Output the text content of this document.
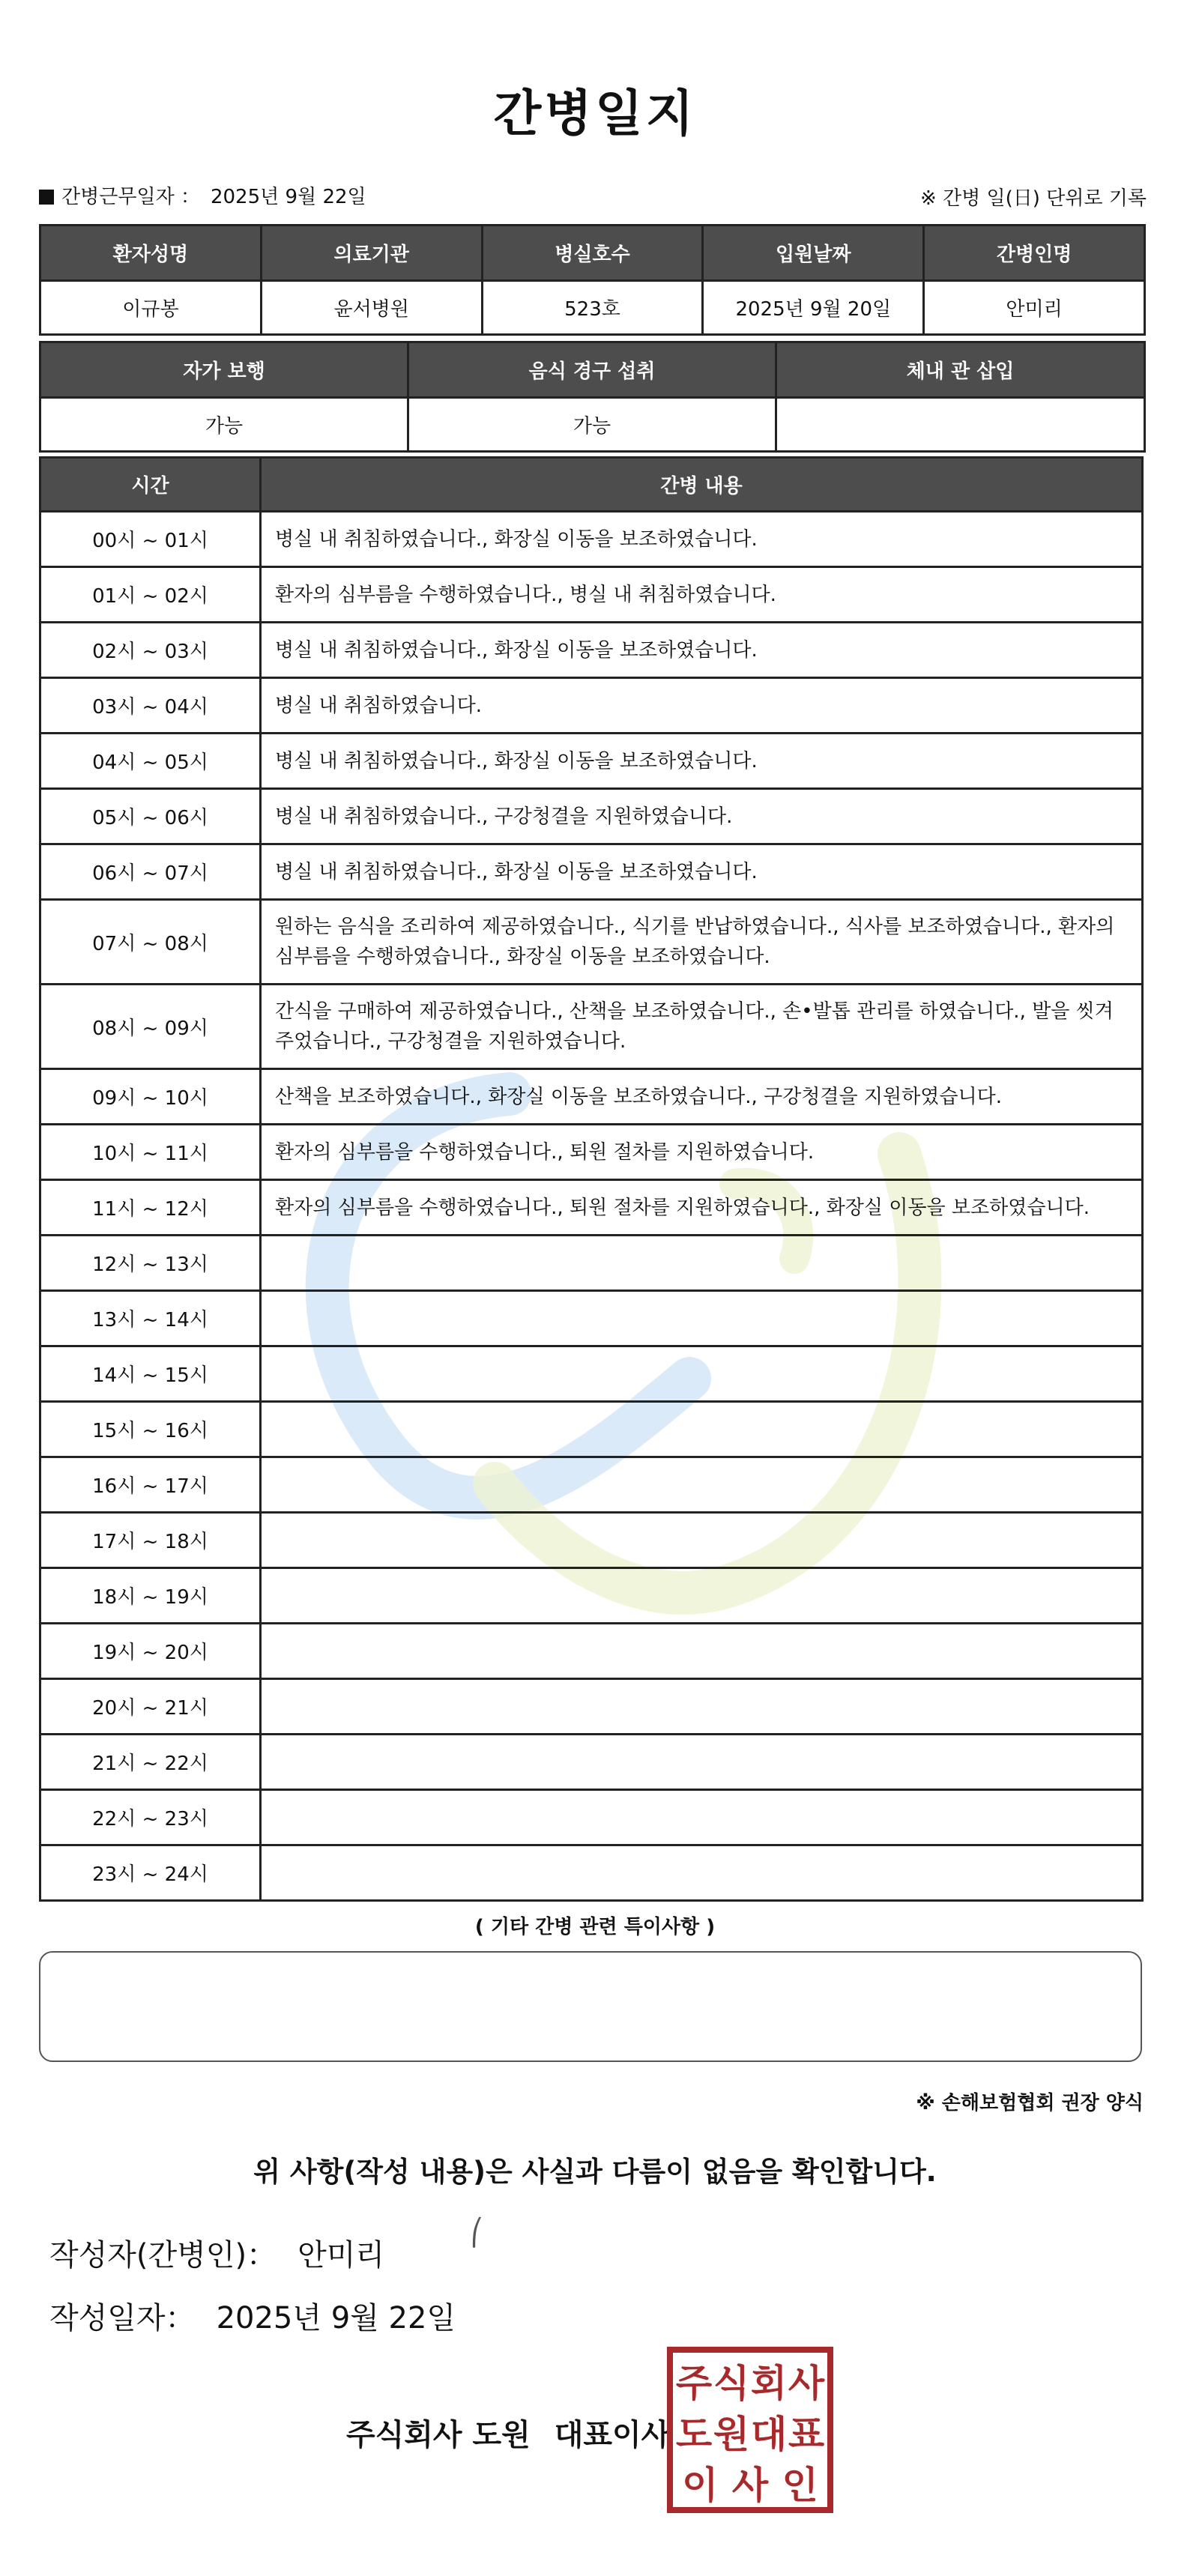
간병일지
간병근무일자 ： 2025년 9월 22일	※ 간병 일(日) 단위로 기록
환자성명	의료기관	병실호수	입원날짜	간병인명
이규봉	윤서병원	523호	2025년 9월 20일	안미리
자가 보행	음식 경구 섭취	체내 관 삽입
가능	가능	
시간	간병 내용
00시 ~ 01시	병실 내 취침하였습니다., 화장실 이동을 보조하였습니다.
01시 ~ 02시	환자의 심부름을 수행하였습니다., 병실 내 취침하였습니다.
02시 ~ 03시	병실 내 취침하였습니다., 화장실 이동을 보조하였습니다.
03시 ~ 04시	병실 내 취침하였습니다.
04시 ~ 05시	병실 내 취침하였습니다., 화장실 이동을 보조하였습니다.
05시 ~ 06시	병실 내 취침하였습니다., 구강청결을 지원하였습니다.
06시 ~ 07시	병실 내 취침하였습니다., 화장실 이동을 보조하였습니다.
07시 ~ 08시	원하는 음식을 조리하여 제공하였습니다., 식기를 반납하였습니다., 식사를 보조하였습니다., 환자의 심부름을 수행하였습니다., 화장실 이동을 보조하였습니다.
08시 ~ 09시	간식을 구매하여 제공하였습니다., 산책을 보조하였습니다., 손•발톱 관리를 하였습니다., 발을 씻겨주었습니다., 구강청결을 지원하였습니다.
09시 ~ 10시	산책을 보조하였습니다., 화장실 이동을 보조하였습니다., 구강청결을 지원하였습니다.
10시 ~ 11시	환자의 심부름을 수행하였습니다., 퇴원 절차를 지원하였습니다.
11시 ~ 12시	환자의 심부름을 수행하였습니다., 퇴원 절차를 지원하였습니다., 화장실 이동을 보조하였습니다.
12시 ~ 13시	
13시 ~ 14시	
14시 ~ 15시	
15시 ~ 16시	
16시 ~ 17시	
17시 ~ 18시	
18시 ~ 19시	
19시 ~ 20시	
20시 ~ 21시	
21시 ~ 22시	
22시 ~ 23시	
23시 ~ 24시	
( 기타 간병 관련 특이사항 )
※ 손해보험협회 권장 양식
위 사항(작성 내용)은 사실과 다름이 없음을 확인합니다.
작성자(간병인)： 안미리
⎛
작성일자： 2025년 9월 22일
주식회사 도원 대표이사
주 식 회 사
도 원 대 표
이 사 인
